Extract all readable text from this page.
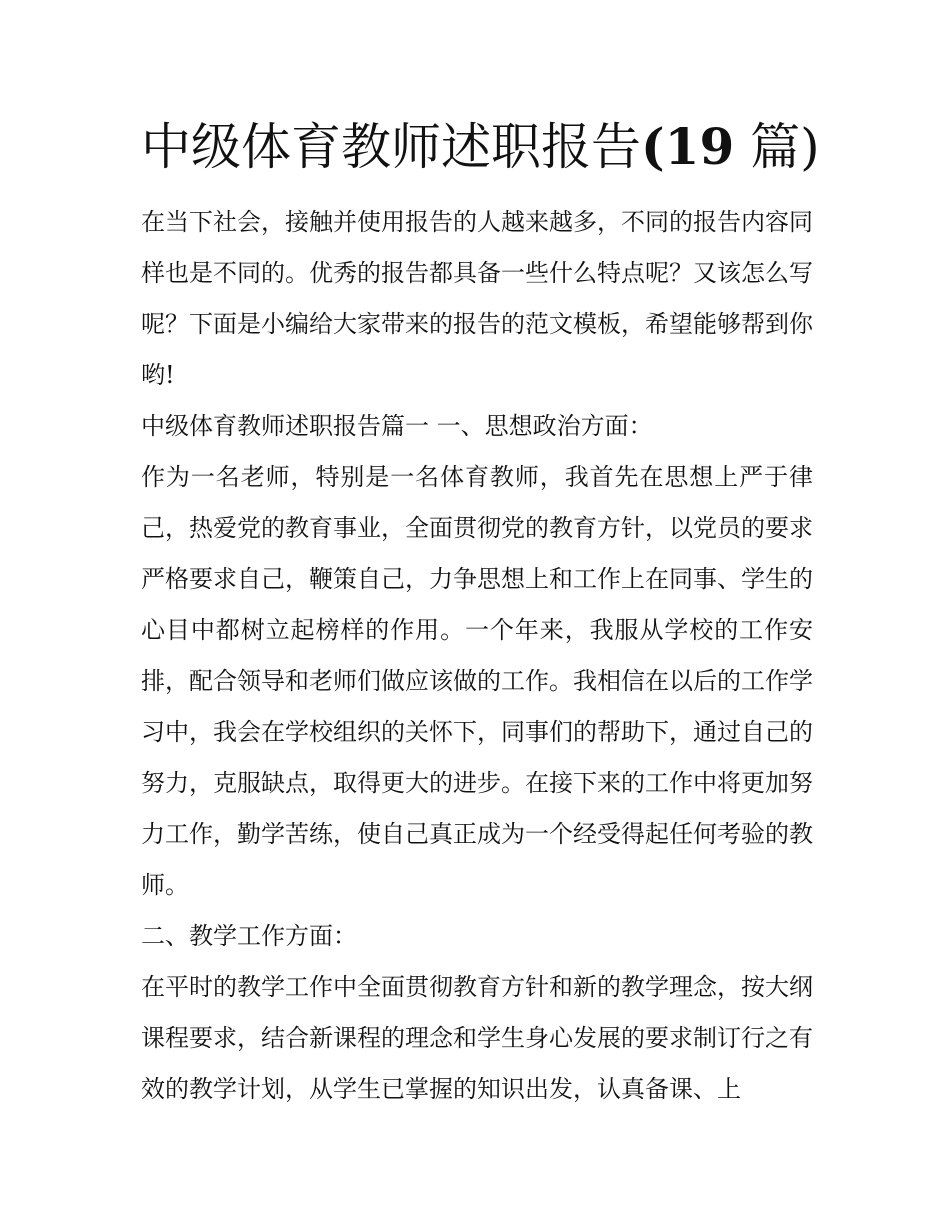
中级体育教师述职报告(19 篇)

在当下社会，接触并使用报告的人越来越多，不同的报告内容同样也是不同的。优秀的报告都具备一些什么特点呢？又该怎么写呢？下面是小编给大家带来的报告的范文模板，希望能够帮到你哟!

中级体育教师述职报告篇一 一、思想政治方面：

作为一名老师，特别是一名体育教师，我首先在思想上严于律己，热爱党的教育事业，全面贯彻党的教育方针，以党员的要求严格要求自己，鞭策自己，力争思想上和工作上在同事、学生的心目中都树立起榜样的作用。一个年来，我服从学校的工作安排，配合领导和老师们做应该做的工作。我相信在以后的工作学习中，我会在学校组织的关怀下，同事们的帮助下，通过自己的努力，克服缺点，取得更大的进步。在接下来的工作中将更加努力工作，勤学苦练，使自己真正成为一个经受得起任何考验的教师。

二、教学工作方面：

在平时的教学工作中全面贯彻教育方针和新的教学理念，按大纲课程要求，结合新课程的理念和学生身心发展的要求制订行之有效的教学计划，从学生已掌握的知识出发，认真备课、上
